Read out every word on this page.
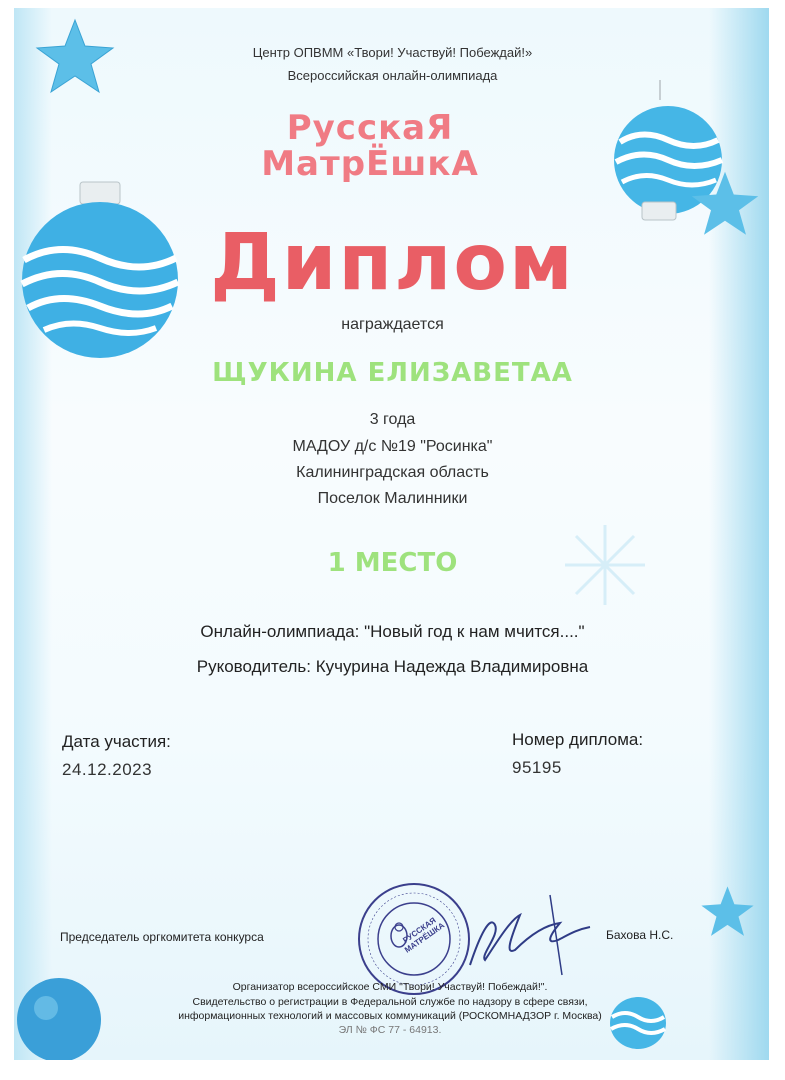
Центр ОПВММ «Твори! Участвуй! Побеждай!»
Всероссийская онлайн-олимпиада
РусскаЯ
МатрЁшкА
Диплом
награждается
ЩУКИНА ЕЛИЗАВЕТАА
3 года
МАДОУ д/с №19 "Росинка"
Калининградская область
Поселок Малинники
1 МЕСТО
Онлайн-олимпиада: "Новый год к нам мчится...."
Руководитель: Кучурина Надежда Владимировна
Дата участия:
24.12.2023
Номер диплома:
95195
Председатель оргкомитета конкурса	РУССКАЯ МАТРЁШКА	Бахова Н.С.
Организатор всероссийское СМИ "Твори! Участвуй! Побеждай!".
Свидетельство о регистрации в Федеральной службе по надзору в сфере связи,
информационных технологий и массовых коммуникаций (РОСКОМНАДЗОР г. Москва)
ЭЛ № ФС 77 - 64913.
